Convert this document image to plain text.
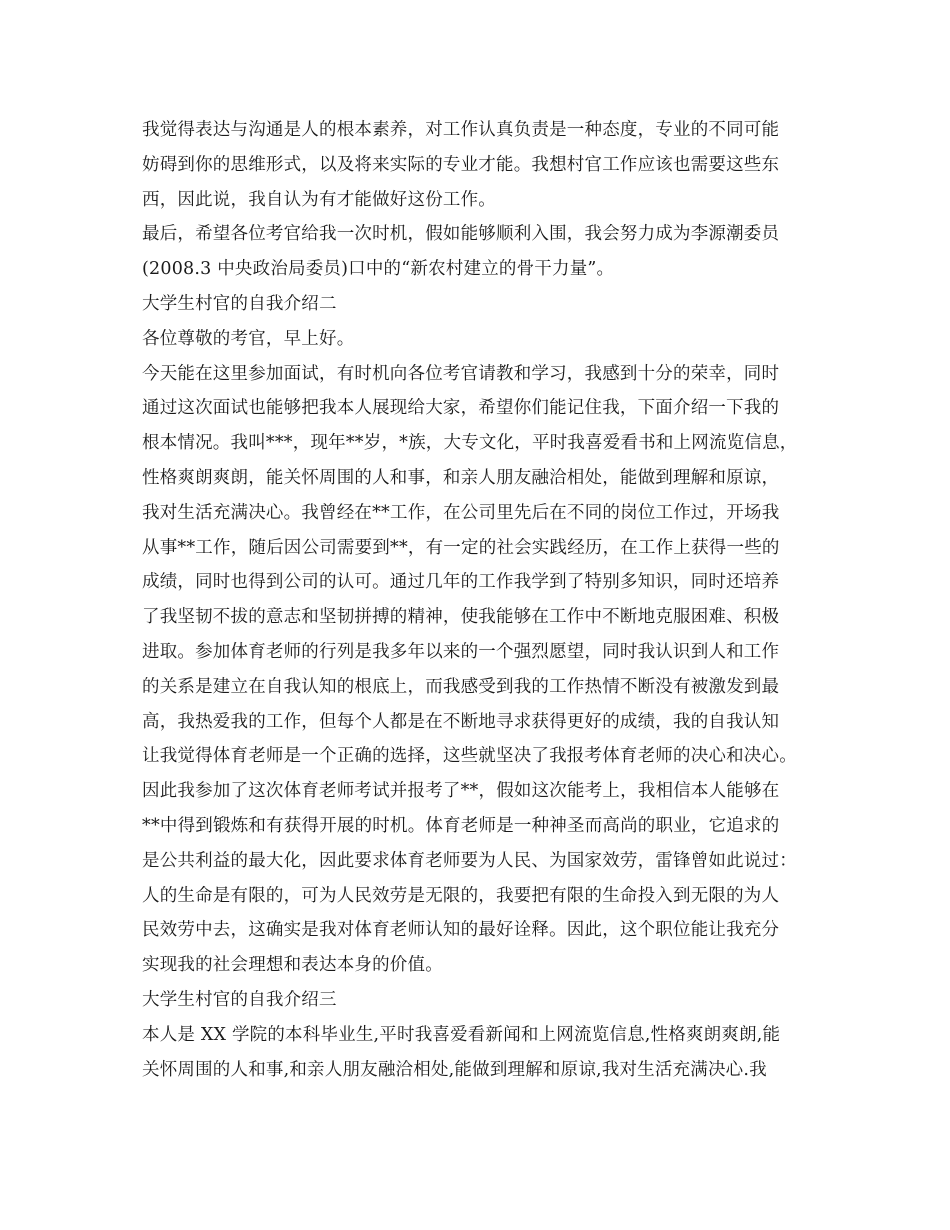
我觉得表达与沟通是人的根本素养，对工作认真负责是一种态度，专业的不同可能
妨碍到你的思维形式，以及将来实际的专业才能。我想村官工作应该也需要这些东
西，因此说，我自认为有才能做好这份工作。
最后，希望各位考官给我一次时机，假如能够顺利入围，我会努力成为李源潮委员
(2008.3 中央政治局委员)口中的“新农村建立的骨干力量”。
大学生村官的自我介绍二
各位尊敬的考官，早上好。
今天能在这里参加面试，有时机向各位考官请教和学习，我感到十分的荣幸，同时
通过这次面试也能够把我本人展现给大家，希望你们能记住我，下面介绍一下我的
根本情况。我叫***，现年**岁，*族，大专文化，平时我喜爱看书和上网流览信息，
性格爽朗爽朗，能关怀周围的人和事，和亲人朋友融洽相处，能做到理解和原谅，
我对生活充满决心。我曾经在**工作，在公司里先后在不同的岗位工作过，开场我
从事**工作，随后因公司需要到**，有一定的社会实践经历，在工作上获得一些的
成绩，同时也得到公司的认可。通过几年的工作我学到了特别多知识，同时还培养
了我坚韧不拔的意志和坚韧拼搏的精神，使我能够在工作中不断地克服困难、积极
进取。参加体育老师的行列是我多年以来的一个强烈愿望，同时我认识到人和工作
的关系是建立在自我认知的根底上，而我感受到我的工作热情不断没有被激发到最
高，我热爱我的工作，但每个人都是在不断地寻求获得更好的成绩，我的自我认知
让我觉得体育老师是一个正确的选择，这些就坚决了我报考体育老师的决心和决心。
因此我参加了这次体育老师考试并报考了**，假如这次能考上，我相信本人能够在
**中得到锻炼和有获得开展的时机。体育老师是一种神圣而高尚的职业，它追求的
是公共利益的最大化，因此要求体育老师要为人民、为国家效劳，雷锋曾如此说过：
人的生命是有限的，可为人民效劳是无限的，我要把有限的生命投入到无限的为人
民效劳中去，这确实是我对体育老师认知的最好诠释。因此，这个职位能让我充分
实现我的社会理想和表达本身的价值。
大学生村官的自我介绍三
本人是 XX 学院的本科毕业生,平时我喜爱看新闻和上网流览信息,性格爽朗爽朗,能
关怀周围的人和事,和亲人朋友融洽相处,能做到理解和原谅,我对生活充满决心.我
